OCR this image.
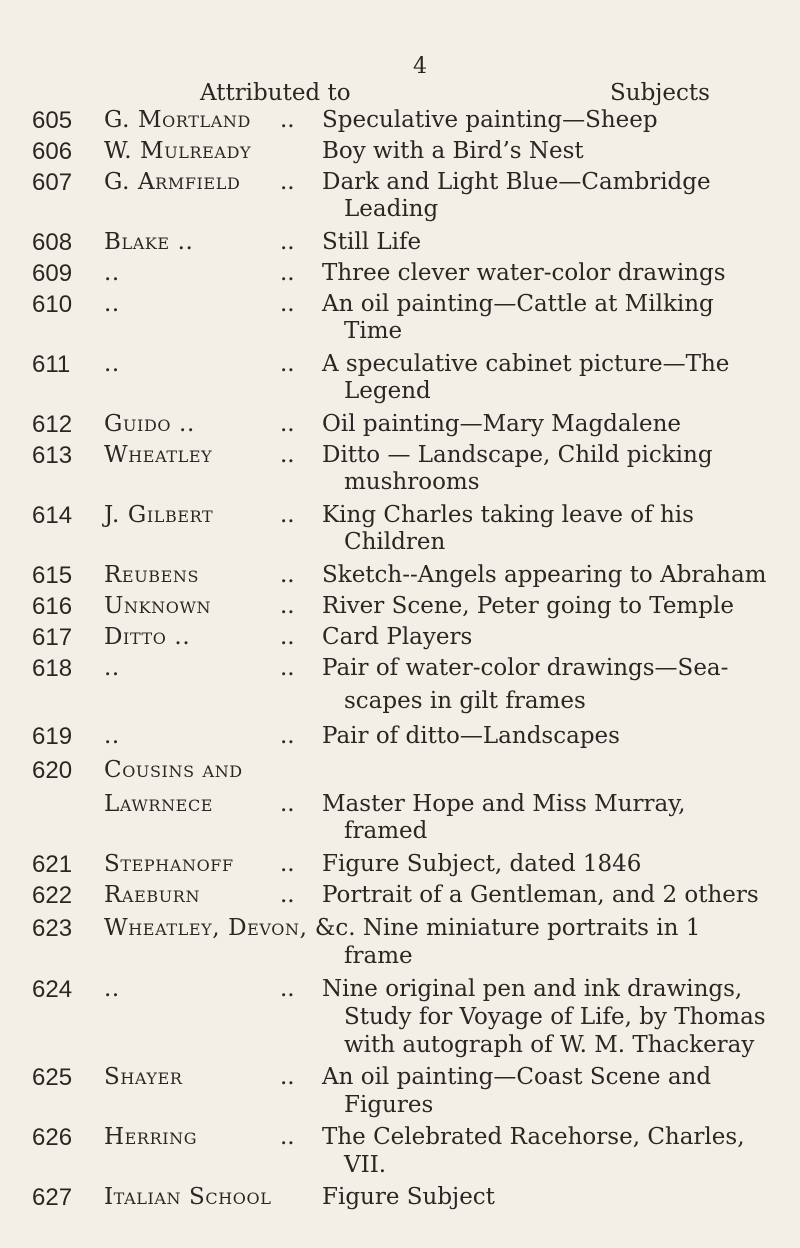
4
Attributed to	Subjects
605	G. Mortland	..	Speculative painting—Sheep
606	W. Mulready	Boy with a Bird’s Nest
607	G. Armfield	..	Dark and Light Blue—Cambridge
Leading
608	Blake ..	..	Still Life
609	..	..	Three clever water-color drawings
610	..	..	An oil painting—Cattle at Milking
Time
611	..	..	A speculative cabinet picture—The
Legend
612	Guido ..	..	Oil painting—Mary Magdalene
613	Wheatley	..	Ditto — Landscape, Child picking
mushrooms
614	J. Gilbert	..	King Charles taking leave of his
Children
615	Reubens	..	Sketch--Angels appearing to Abraham
616	Unknown	..	River Scene, Peter going to Temple
617	Ditto ..	..	Card Players
618	..	..	Pair of water-color drawings—Sea-
scapes in gilt frames
619	..	..	Pair of ditto—Landscapes
620	Cousins and
Lawrnece	..	Master Hope and Miss Murray,
framed
621	Stephanoff	..	Figure Subject, dated 1846
622	Raeburn	..	Portrait of a Gentleman, and 2 others
623	Wheatley, Devon, &c. Nine miniature portraits in 1
frame
624	..	..	Nine original pen and ink drawings,
Study for Voyage of Life, by Thomas
with autograph of W. M. Thackeray
625	Shayer	..	An oil painting—Coast Scene and
Figures
626	Herring	..	The Celebrated Racehorse, Charles,
VII.
627	Italian School	Figure Subject
